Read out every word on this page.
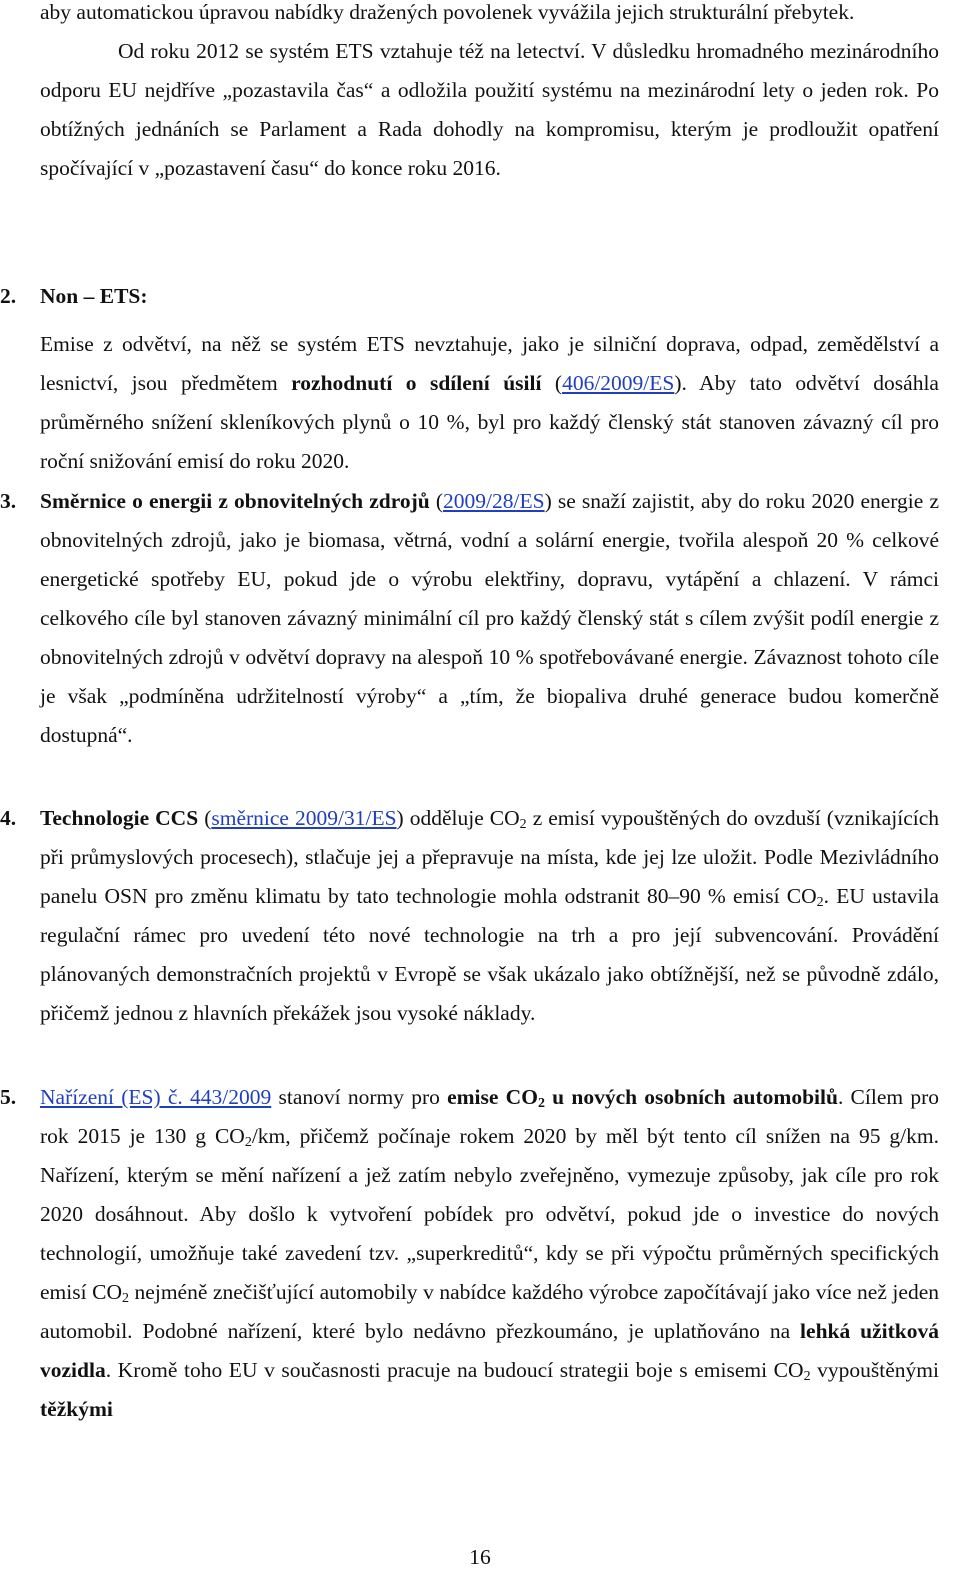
aby automatickou úpravou nabídky dražených povolenek vyvážila jejich strukturální přebytek.

Od roku 2012 se systém ETS vztahuje též na letectví. V důsledku hromadného mezinárodního odporu EU nejdříve „pozastavila čas“ a odložila použití systému na mezinárodní lety o jeden rok. Po obtížných jednáních se Parlament a Rada dohodly na kompromisu, kterým je prodloužit opatření spočívající v „pozastavení času“ do konce roku 2016.

2.	Non – ETS:

Emise z odvětví, na něž se systém ETS nevztahuje, jako je silniční doprava, odpad, zemědělství a lesnictví, jsou předmětem rozhodnutí o sdílení úsilí (406/2009/ES). Aby tato odvětví dosáhla průměrného snížení skleníkových plynů o 10 %, byl pro každý členský stát stanoven závazný cíl pro roční snižování emisí do roku 2020.

3.	Směrnice o energii z obnovitelných zdrojů (2009/28/ES) se snaží zajistit, aby do roku 2020 energie z obnovitelných zdrojů, jako je biomasa, větrná, vodní a solární energie, tvořila alespoň 20 % celkové energetické spotřeby EU, pokud jde o výrobu elektřiny, dopravu, vytápění a chlazení. V rámci celkového cíle byl stanoven závazný minimální cíl pro každý členský stát s cílem zvýšit podíl energie z obnovitelných zdrojů v odvětví dopravy na alespoň 10 % spotřebovávané energie. Závaznost tohoto cíle je však „podmíněna udržitelností výroby“ a „tím, že biopaliva druhé generace budou komerčně dostupná“.

4.	Technologie CCS (směrnice 2009/31/ES) odděluje $CO_2$ z emisí vypouštěných do ovzduší (vznikajících při průmyslových procesech), stlačuje jej a přepravuje na místa, kde jej lze uložit. Podle Mezivládního panelu OSN pro změnu klimatu by tato technologie mohla odstranit 80–90 % emisí $CO_2$. EU ustavila regulační rámec pro uvedení této nové technologie na trh a pro její subvencování. Provádění plánovaných demonstračních projektů v Evropě se však ukázalo jako obtížnější, než se původně zdálo, přičemž jednou z hlavních překážek jsou vysoké náklady.

5.	Nařízení (ES) č. 443/2009 stanoví normy pro emise $CO_2$ u nových osobních automobilů. Cílem pro rok 2015 je 130 g $CO_2/km$, přičemž počínaje rokem 2020 by měl být tento cíl snížen na 95 g/km. Nařízení, kterým se mění nařízení a jež zatím nebylo zveřejněno, vymezuje způsoby, jak cíle pro rok 2020 dosáhnout. Aby došlo k vytvoření pobídek pro odvětví, pokud jde o investice do nových technologií, umožňuje také zavedení tzv. „superkreditů“, kdy se při výpočtu průměrných specifických emisí $CO_2$ nejméně znečišťující automobily v nabídce každého výrobce započítávají jako více než jeden automobil. Podobné nařízení, které bylo nedávno přezkoumáno, je uplatňováno na lehká užitková vozidla. Kromě toho EU v současnosti pracuje na budoucí strategii boje s emisemi $CO_2$ vypouštěnými těžkými

16
